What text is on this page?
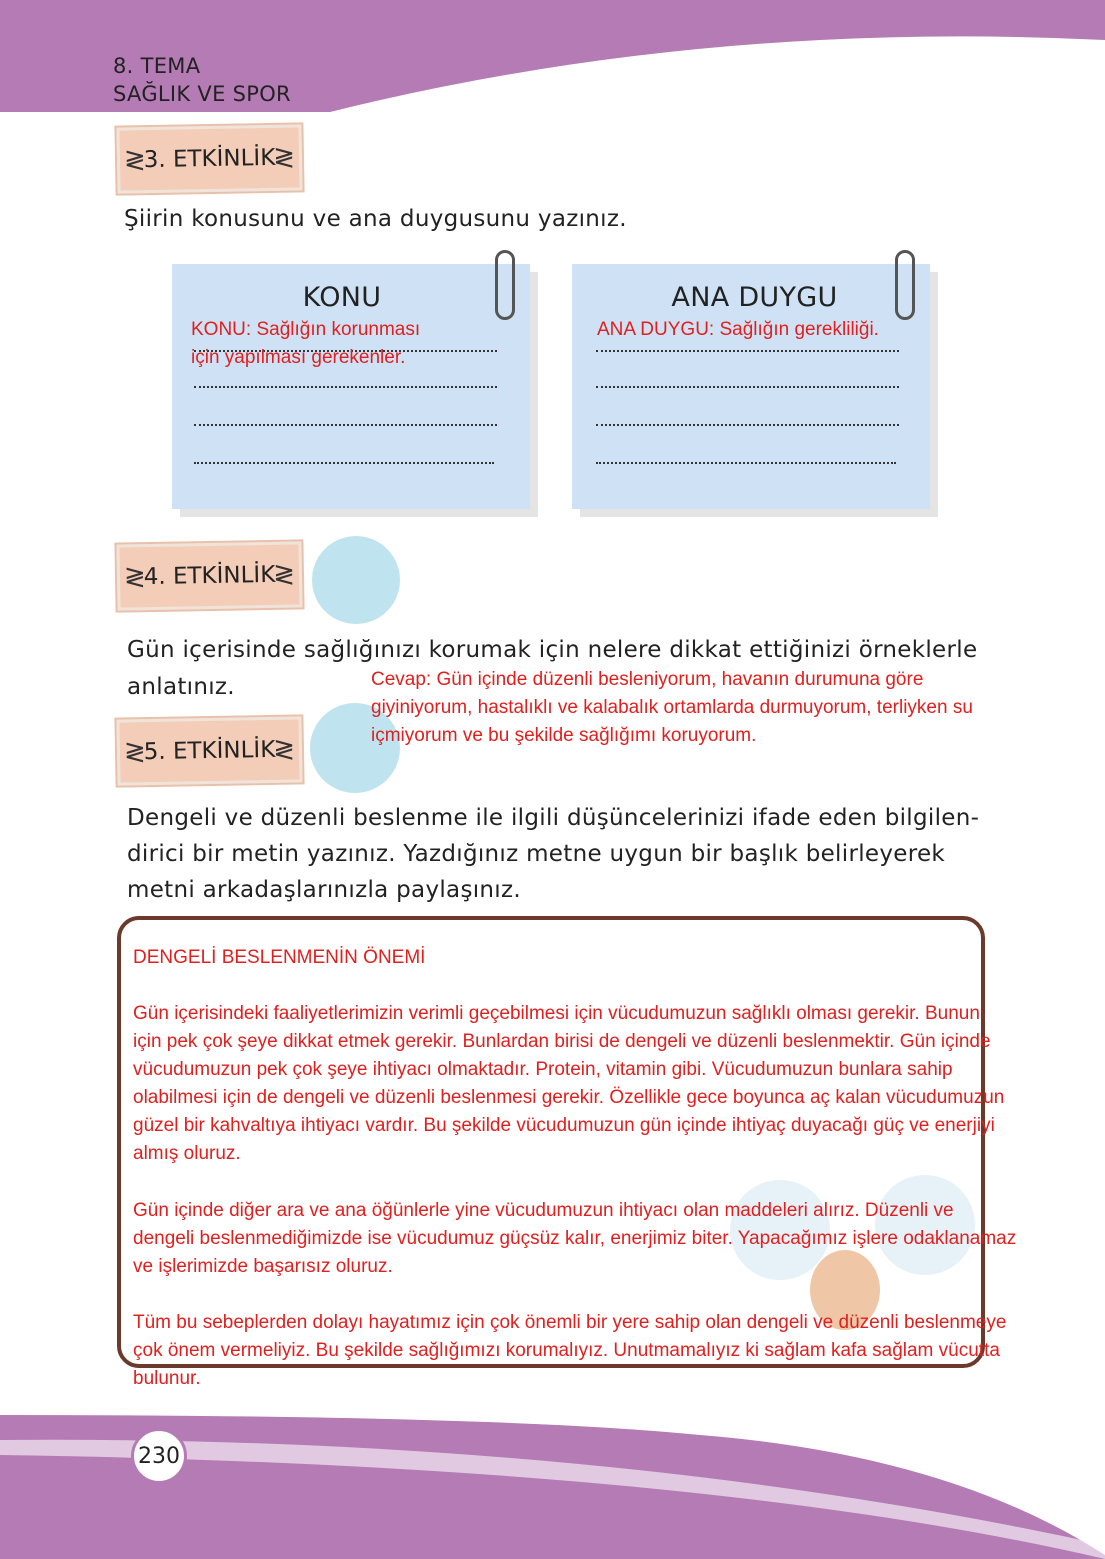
8. TEMA
SAĞLIK VE SPOR
≷ 3. ETKİNLİK
≷
Şiirin konusunu ve ana duygusunu yazınız.
KONU
KONU: Sağlığın korunması
için yapılması gerekenler.
ANA DUYGU
ANA DUYGU: Sağlığın gerekliliği.
≷ 4. ETKİNLİK
≷
Gün içerisinde sağlığınızı korumak için nelere dikkat ettiğinizi örneklerle
anlatınız.
≷ 5. ETKİNLİK
≷
Cevap: Gün içinde düzenli besleniyorum, havanın durumuna göre
giyiniyorum, hastalıklı ve kalabalık ortamlarda durmuyorum, terliyken su
içmiyorum ve bu şekilde sağlığımı koruyorum.
Dengeli ve düzenli beslenme ile ilgili düşüncelerinizi ifade eden bilgilen-
dirici bir metin yazınız. Yazdığınız metne uygun bir başlık belirleyerek
metni arkadaşlarınızla paylaşınız.
DENGELİ BESLENMENİN ÖNEMİ
Gün içerisindeki faaliyetlerimizin verimli geçebilmesi için vücudumuzun sağlıklı olması gerekir. Bunun
için pek çok şeye dikkat etmek gerekir. Bunlardan birisi de dengeli ve düzenli beslenmektir. Gün içinde
vücudumuzun pek çok şeye ihtiyacı olmaktadır. Protein, vitamin gibi. Vücudumuzun bunlara sahip
olabilmesi için de dengeli ve düzenli beslenmesi gerekir. Özellikle gece boyunca aç kalan vücudumuzun
güzel bir kahvaltıya ihtiyacı vardır. Bu şekilde vücudumuzun gün içinde ihtiyaç duyacağı güç ve enerjiyi
almış oluruz.
Gün içinde diğer ara ve ana öğünlerle yine vücudumuzun ihtiyacı olan maddeleri alırız. Düzenli ve
dengeli beslenmediğimizde ise vücudumuz güçsüz kalır, enerjimiz biter. Yapacağımız işlere odaklanamaz
ve işlerimizde başarısız oluruz.
Tüm bu sebeplerden dolayı hayatımız için çok önemli bir yere sahip olan dengeli ve düzenli beslenmeye
çok önem vermeliyiz. Bu şekilde sağlığımızı korumalıyız. Unutmamalıyız ki sağlam kafa sağlam vücutta
bulunur.
230
